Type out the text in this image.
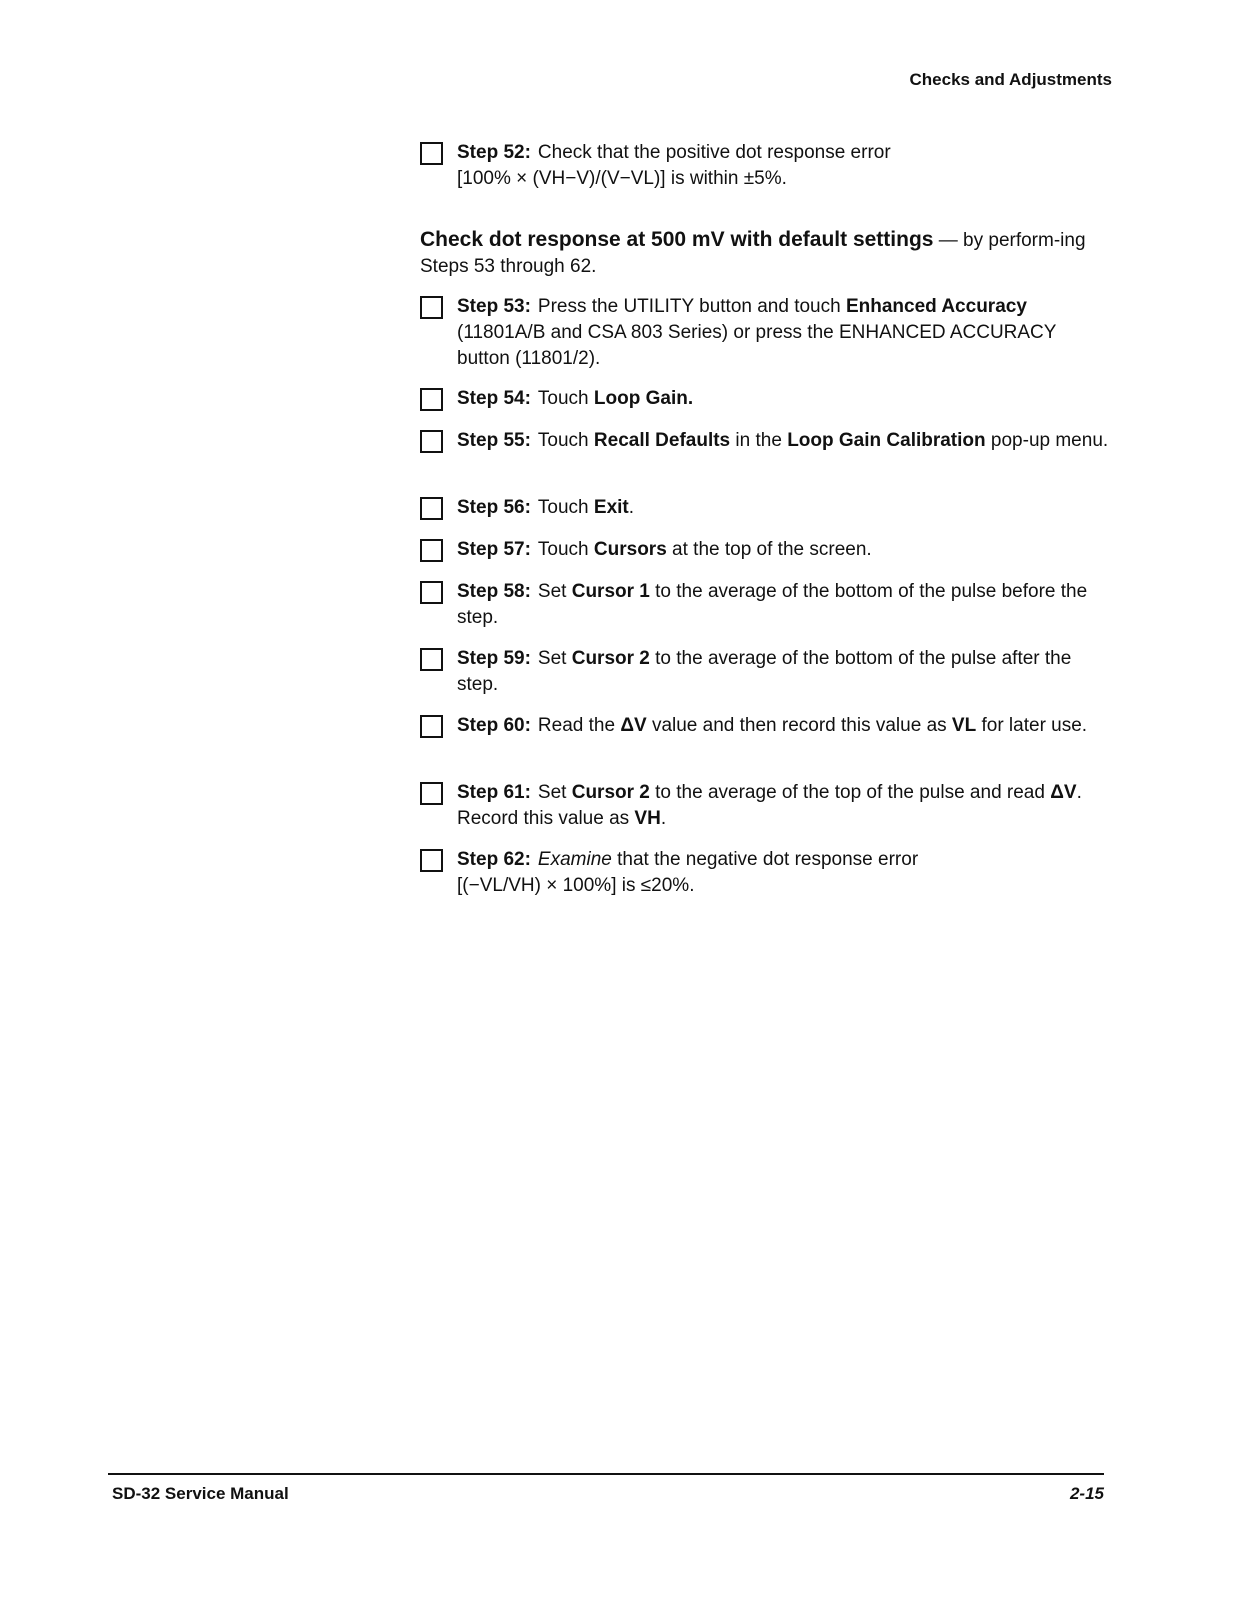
Checks and Adjustments
Step 52: Check that the positive dot response error
[100% × (VH−V)/(V−VL)] is within ±5%.
Check dot response at 500 mV with default settings — by perform-ing Steps 53 through 62.
Step 53: Press the UTILITY button and touch Enhanced Accuracy (11801A/B and CSA 803 Series) or press the ENHANCED ACCURACY button (11801/2).
Step 54: Touch Loop Gain.
Step 55: Touch Recall Defaults in the Loop Gain Calibration pop-up menu.
Step 56: Touch Exit.
Step 57: Touch Cursors at the top of the screen.
Step 58: Set Cursor 1 to the average of the bottom of the pulse before the step.
Step 59: Set Cursor 2 to the average of the bottom of the pulse after the step.
Step 60: Read the ΔV value and then record this value as VL for later use.
Step 61: Set Cursor 2 to the average of the top of the pulse and read ΔV. Record this value as VH.
Step 62: Examine that the negative dot response error
[(−VL/VH) × 100%] is ≤20%.
SD-32 Service Manual	2-15
